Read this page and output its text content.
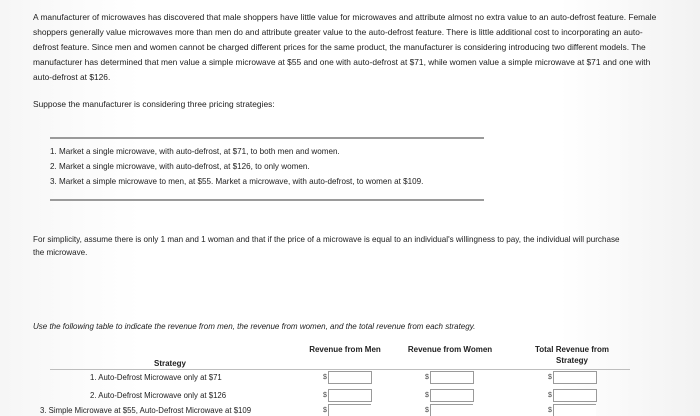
A manufacturer of microwaves has discovered that male shoppers have little value for microwaves and attribute almost no extra value to an auto-defrost feature. Female shoppers generally value microwaves more than men do and attribute greater value to the auto-defrost feature. There is little additional cost to incorporating an auto-defrost feature. Since men and women cannot be charged different prices for the same product, the manufacturer is considering introducing two different models. The manufacturer has determined that men value a simple microwave at $55 and one with auto-defrost at $71, while women value a simple microwave at $71 and one with auto-defrost at $126.

Suppose the manufacturer is considering three pricing strategies:

1. Market a single microwave, with auto-defrost, at $71, to both men and women.
2. Market a single microwave, with auto-defrost, at $126, to only women.
3. Market a simple microwave to men, at $55. Market a microwave, with auto-defrost, to women at $109.

For simplicity, assume there is only 1 man and 1 woman and that if the price of a microwave is equal to an individual's willingness to pay, the individual will purchase the microwave.

Use the following table to indicate the revenue from men, the revenue from women, and the total revenue from each strategy.

Strategy
Revenue from Men	Revenue from Women	Total Revenue from Strategy
1. Auto-Defrost Microwave only at $71	$	$	$
2. Auto-Defrost Microwave only at $126	$	$	$
3. Simple Microwave at $55, Auto-Defrost Microwave at $109	$	$	$
